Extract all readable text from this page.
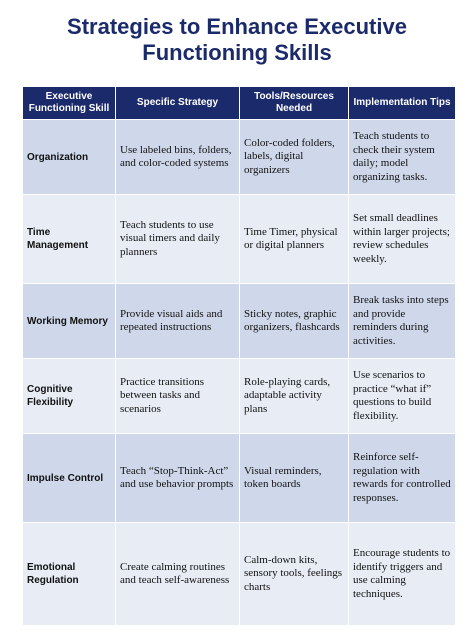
Strategies to Enhance Executive
Functioning Skills
Executive Functioning Skill	Specific Strategy	Tools/Resources Needed	Implementation Tips
Organization	Use labeled bins, folders, and color-coded systems	Color-coded folders, labels, digital organizers	Teach students to check their system daily; model organizing tasks.
Time Management	Teach students to use visual timers and daily planners	Time Timer, physical or digital planners	Set small deadlines within larger projects; review schedules weekly.
Working Memory	Provide visual aids and repeated instructions	Sticky notes, graphic organizers, flashcards	Break tasks into steps and provide reminders during activities.
Cognitive Flexibility	Practice transitions between tasks and scenarios	Role-playing cards, adaptable activity plans	Use scenarios to practice “what if” questions to build flexibility.
Impulse Control	Teach “Stop-Think-Act” and use behavior prompts	Visual reminders, token boards	Reinforce self-regulation with rewards for controlled responses.
Emotional Regulation	Create calming routines and teach self-awareness	Calm-down kits, sensory tools, feelings charts	Encourage students to identify triggers and use calming techniques.
